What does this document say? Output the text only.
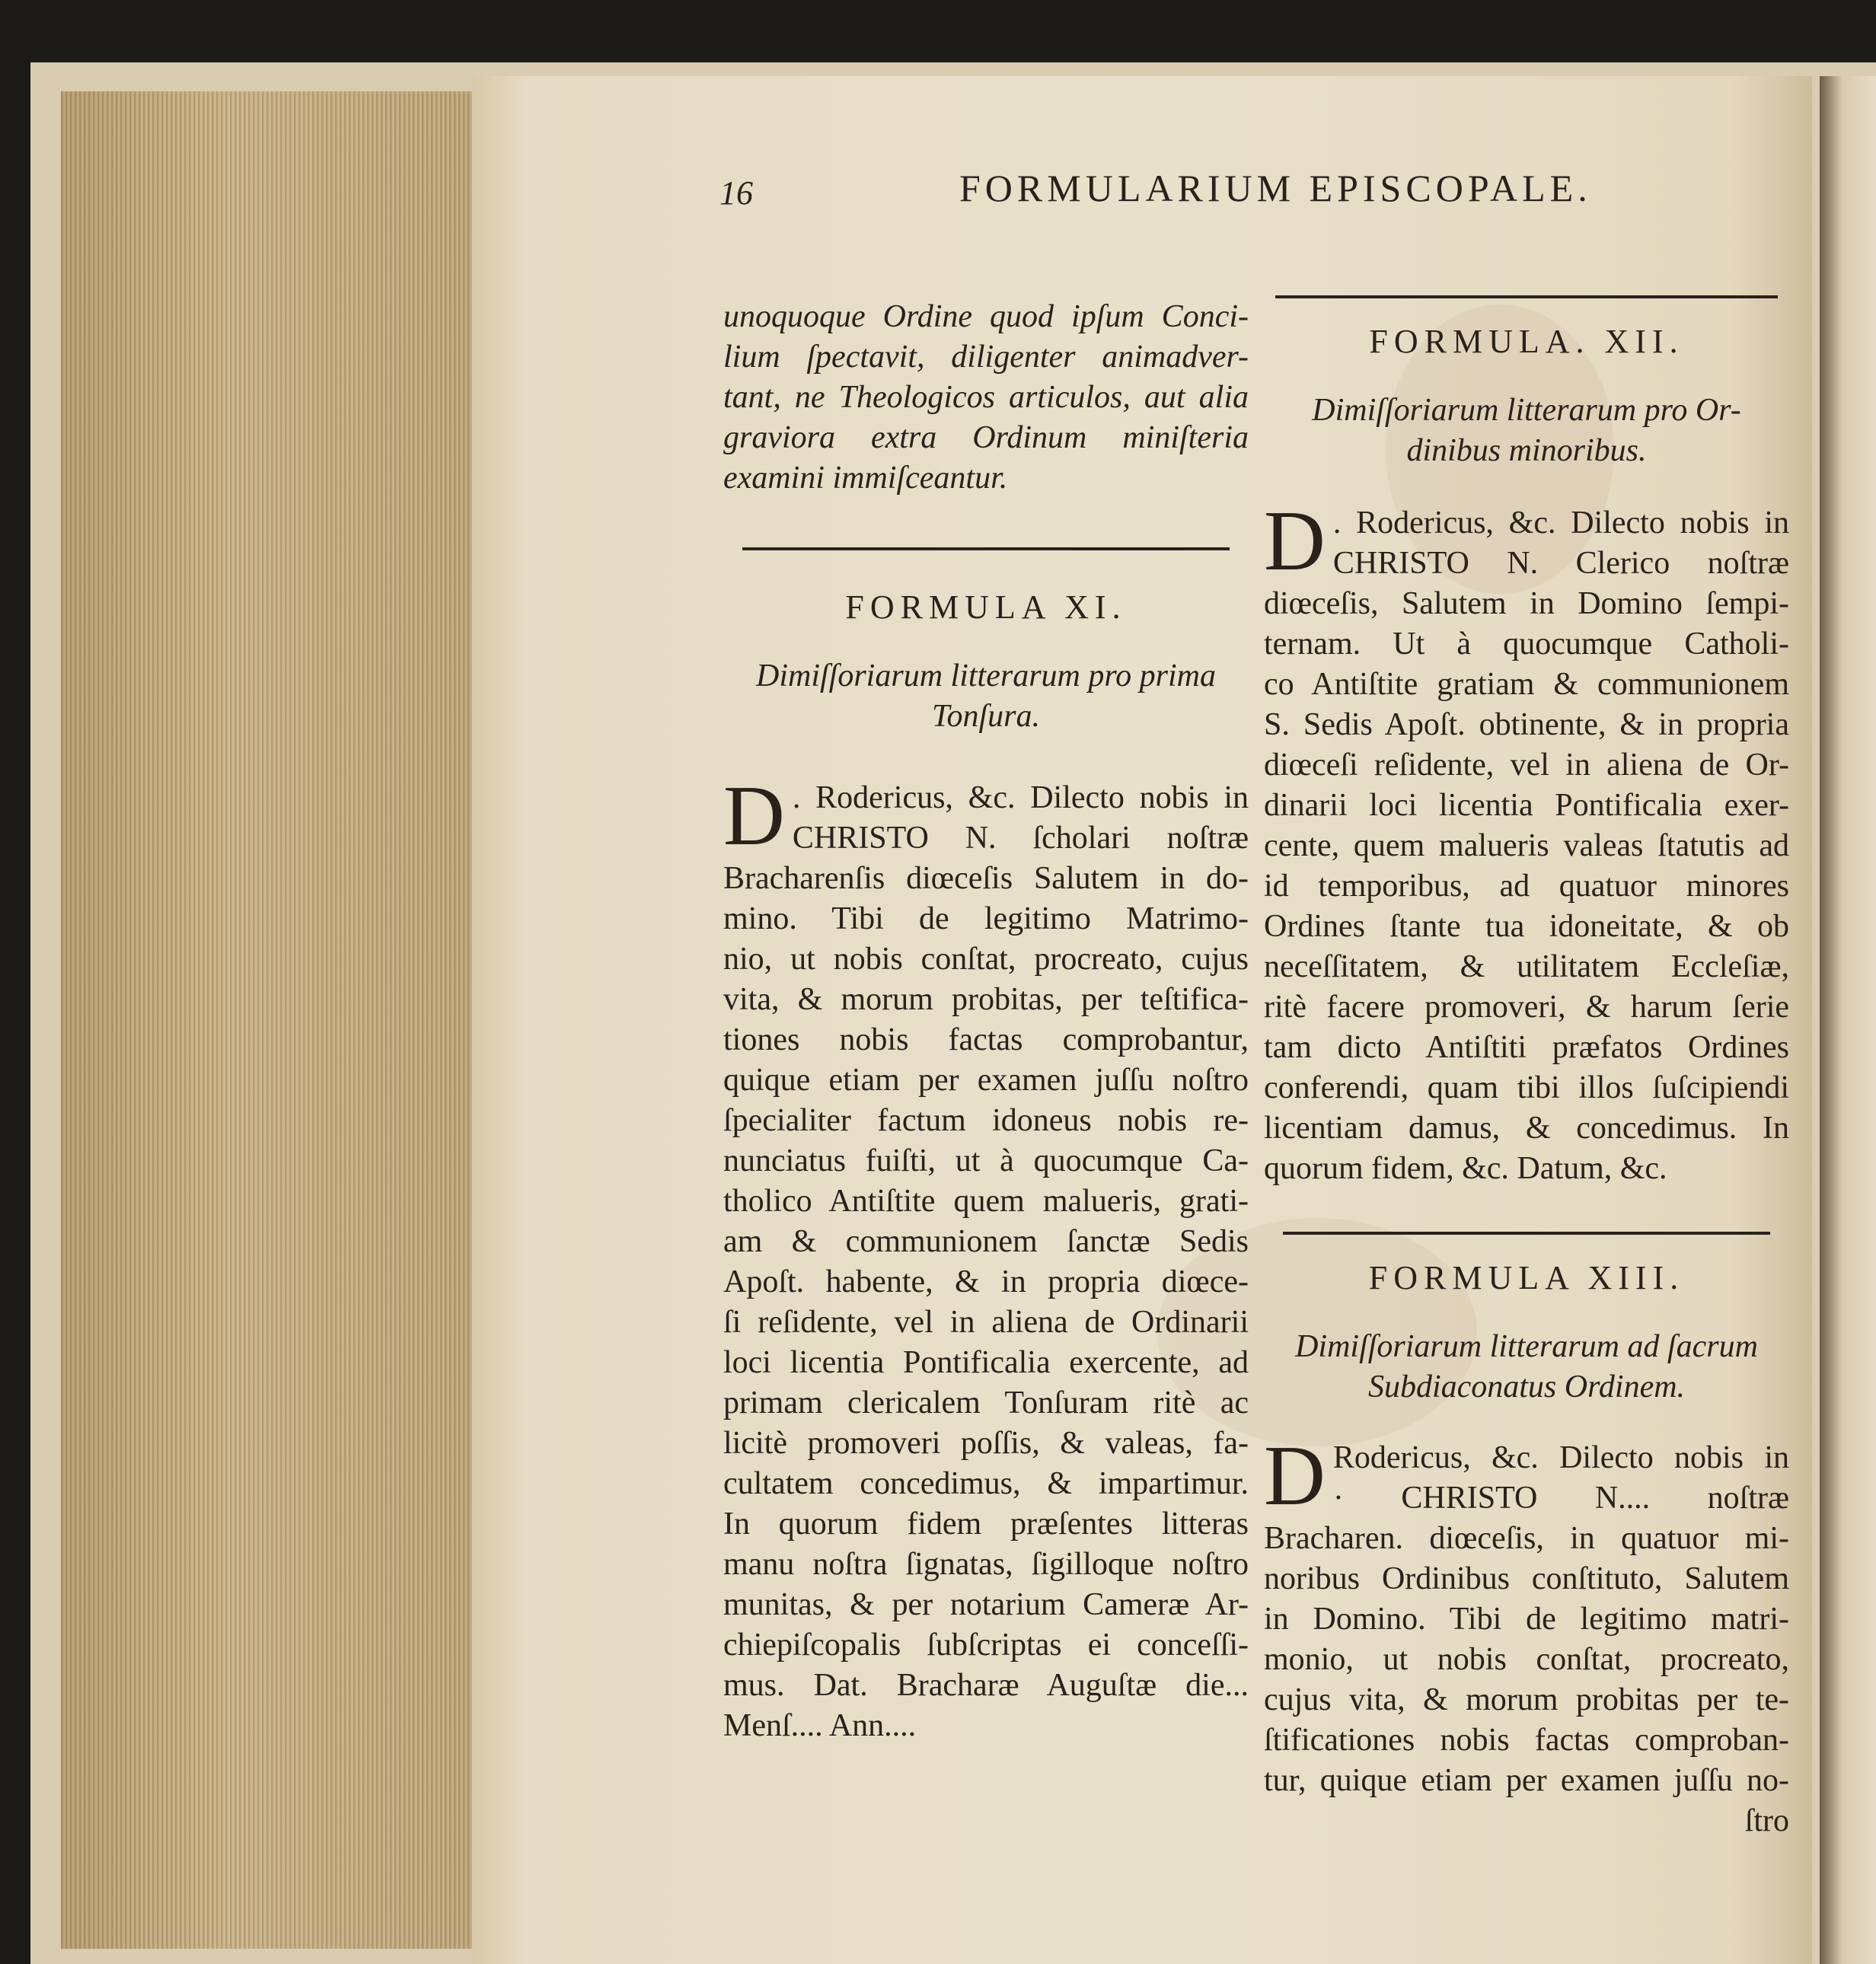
16	FORMULARIUM EPISCOPALE.
unoquoque Ordine quod ipſum Conci-
lium ſpectavit, diligenter animadver-
tant, ne Theologicos articulos, aut alia
graviora extra Ordinum miniſteria
examini immiſceantur.
FORMULA XI.
Dimiſſoriarum litterarum pro prima
Tonſura.
D . Rodericus, &c. Dilecto nobis in
CHRISTO N. ſcholari noſtræ
Bracharenſis diœceſis Salutem in do-
mino. Tibi de legitimo Matrimo-
nio, ut nobis conſtat, procreato, cujus
vita, & morum probitas, per teſtifica-
tiones nobis factas comprobantur,
quique etiam per examen juſſu noſtro
ſpecialiter factum idoneus nobis re-
nunciatus fuiſti, ut à quocumque Ca-
tholico Antiſtite quem malueris, grati-
am & communionem ſanctæ Sedis
Apoſt. habente, & in propria diœce-
ſi reſidente, vel in aliena de Ordinarii
loci licentia Pontificalia exercente, ad
primam clericalem Tonſuram ritè ac
licitè promoveri poſſis, & valeas, fa-
cultatem concedimus, & impartimur.
In quorum fidem præſentes litteras
manu noſtra ſignatas, ſigilloque noſtro
munitas, & per notarium Cameræ Ar-
chiepiſcopalis ſubſcriptas ei conceſſi-
mus. Dat. Bracharæ Auguſtæ die...
Menſ.... Ann....
FORMULA. XII.
Dimiſſoriarum litterarum pro Or-
dinibus minoribus.
D . Rodericus, &c. Dilecto nobis in
CHRISTO N. Clerico noſtræ
diœceſis, Salutem in Domino ſempi-
ternam. Ut à quocumque Catholi-
co Antiſtite gratiam & communionem
S. Sedis Apoſt. obtinente, & in propria
diœceſi reſidente, vel in aliena de Or-
dinarii loci licentia Pontificalia exer-
cente, quem malueris valeas ſtatutis ad
id temporibus, ad quatuor minores
Ordines ſtante tua idoneitate, & ob
neceſſitatem, & utilitatem Eccleſiæ,
ritè facere promoveri, & harum ſerie
tam dicto Antiſtiti præfatos Ordines
conferendi, quam tibi illos ſuſcipiendi
licentiam damus, & concedimus. In
quorum fidem, &c. Datum, &c.
FORMULA XIII.
Dimiſſoriarum litterarum ad ſacrum
Subdiaconatus Ordinem.
D Rodericus, &c. Dilecto nobis in
· CHRISTO N.... noſtræ
Bracharen. diœceſis, in quatuor mi-
noribus Ordinibus conſtituto, Salutem
in Domino. Tibi de legitimo matri-
monio, ut nobis conſtat, procreato,
cujus vita, & morum probitas per te-
ſtificationes nobis factas comproban-
tur, quique etiam per examen juſſu no-
ſtro
